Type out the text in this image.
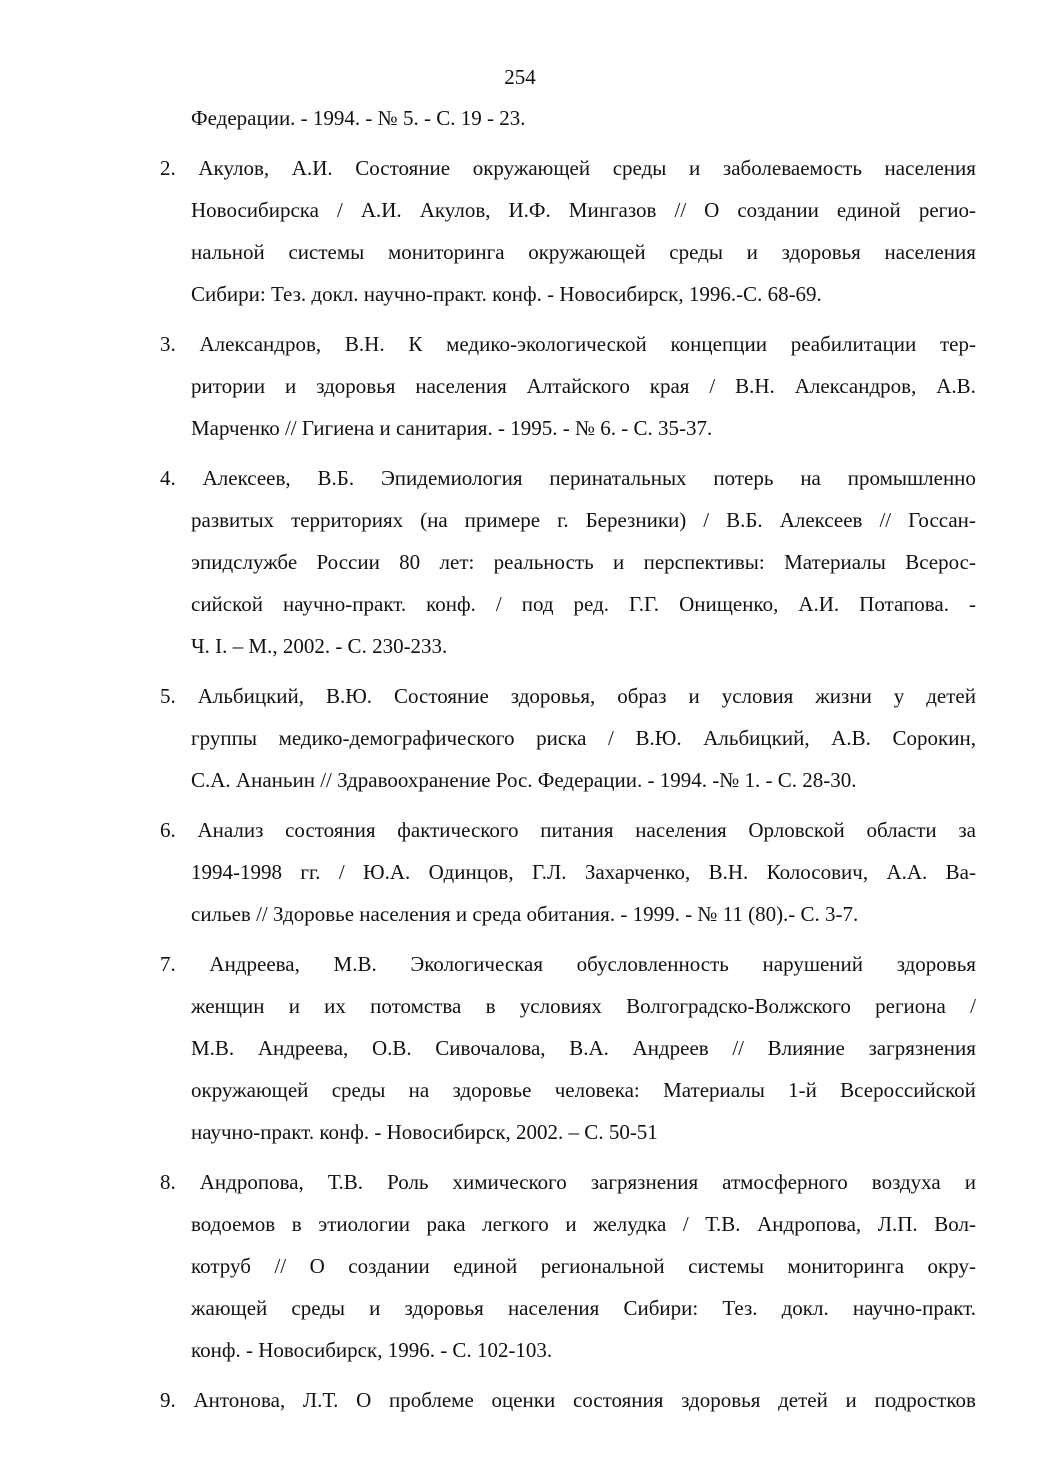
254
Федерации. - 1994. - № 5. - С. 19 - 23.
2. Акулов, А.И. Состояние окружающей среды и заболеваемость населения
Новосибирска / А.И. Акулов, И.Ф. Мингазов // О создании единой регио-
нальной системы мониторинга окружающей среды и здоровья населения
Сибири: Тез. докл. научно-практ. конф. - Новосибирск, 1996.-С. 68-69.
3. Александров, В.Н. К медико-экологической концепции реабилитации тер-
ритории и здоровья населения Алтайского края / В.Н. Александров, А.В.
Марченко // Гигиена и санитария. - 1995. - № 6. - С. 35-37.
4. Алексеев, В.Б. Эпидемиология перинатальных потерь на промышленно
развитых территориях (на примере г. Березники) / В.Б. Алексеев // Госсан-
эпидслужбе России 80 лет: реальность и перспективы: Материалы Всерос-
сийской научно-практ. конф. / под ред. Г.Г. Онищенко, А.И. Потапова. -
Ч. I. – М., 2002. - С. 230-233.
5. Альбицкий, В.Ю. Состояние здоровья, образ и условия жизни у детей
группы медико-демографического риска / В.Ю. Альбицкий, А.В. Сорокин,
С.А. Ананьин // Здравоохранение Рос. Федерации. - 1994. -№ 1. - С. 28-30.
6. Анализ состояния фактического питания населения Орловской области за
1994-1998 гг. / Ю.А. Одинцов, Г.Л. Захарченко, В.Н. Колосович, А.А. Ва-
сильев // Здоровье населения и среда обитания. - 1999. - № 11 (80).- С. 3-7.
7. Андреева, М.В. Экологическая обусловленность нарушений здоровья
женщин и их потомства в условиях Волгоградско-Волжского региона /
М.В. Андреева, О.В. Сивочалова, В.А. Андреев // Влияние загрязнения
окружающей среды на здоровье человека: Материалы 1-й Всероссийской
научно-практ. конф. - Новосибирск, 2002. – С. 50-51
8. Андропова, Т.В. Роль химического загрязнения атмосферного воздуха и
водоемов в этиологии рака легкого и желудка / Т.В. Андропова, Л.П. Вол-
котруб // О создании единой региональной системы мониторинга окру-
жающей среды и здоровья населения Сибири: Тез. докл. научно-практ.
конф. - Новосибирск, 1996. - С. 102-103.
9. Антонова, Л.Т. О проблеме оценки состояния здоровья детей и подростков
